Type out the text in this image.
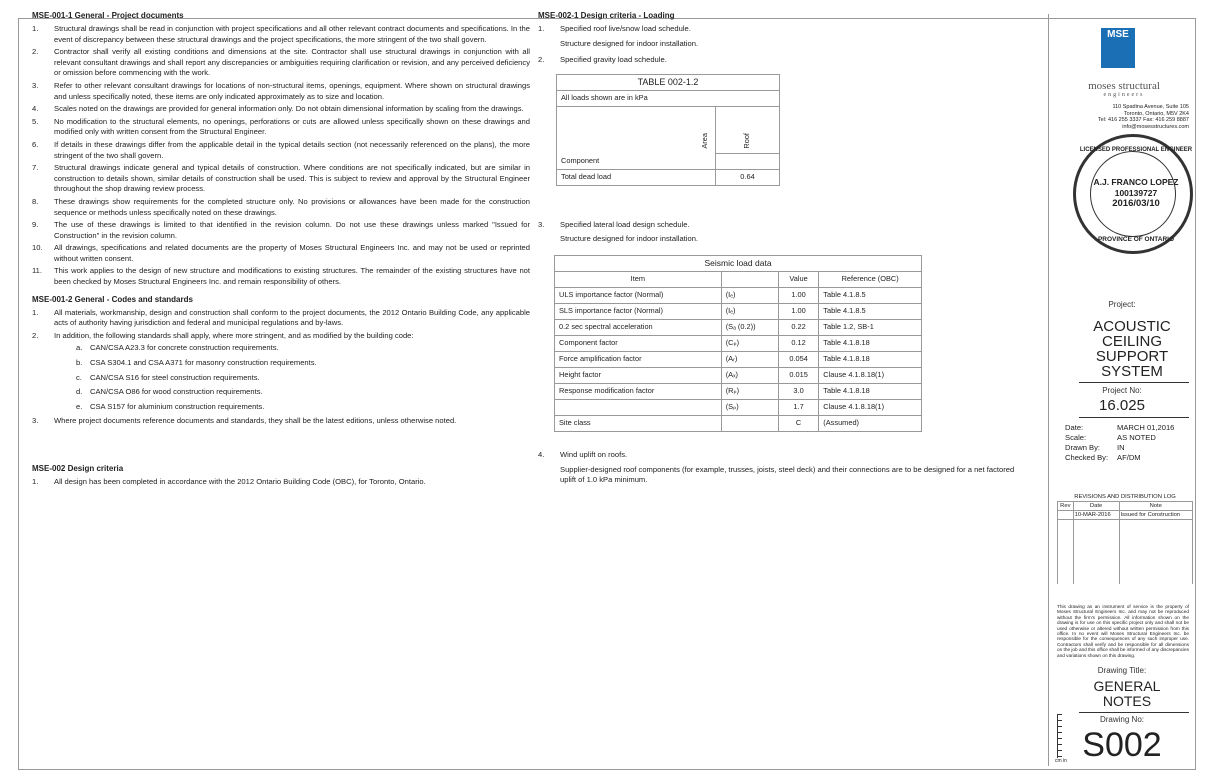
MSE-001-1 General - Project documents
1. Structural drawings shall be read in conjunction with project specifications and all other relevant contract documents and specifications. In the event of discrepancy between these structural drawings and the project specifications, the more stringent of the two shall govern.
2. Contractor shall verify all existing conditions and dimensions at the site. Contractor shall use structural drawings in conjunction with all relevant consultant drawings and shall report any discrepancies or ambiguities requiring clarification or revision, and any perceived deficiency or omission before commencing with the work.
3. Refer to other relevant consultant drawings for locations of non-structural items, openings, equipment. Where shown on structural drawings and unless specifically noted, these items are only indicated approximately as to size and location.
4. Scales noted on the drawings are provided for general information only. Do not obtain dimensional information by scaling from the drawings.
5. No modification to the structural elements, no openings, perforations or cuts are allowed unless specifically shown on these drawings and modified only with written consent from the Structural Engineer.
6. If details in these drawings differ from the applicable detail in the typical details section (not necessarily referenced on the plans), the more stringent of the two shall govern.
7. Structural drawings indicate general and typical details of construction. Where conditions are not specifically indicated, but are similar in construction to details shown, similar details of construction shall be used. This is subject to review and approval by the Structural Engineer throughout the shop drawing review process.
8. These drawings show requirements for the completed structure only. No provisions or allowances have been made for the construction sequence or methods unless specifically noted on these drawings.
9. The use of these drawings is limited to that identified in the revision column. Do not use these drawings unless marked "Issued for Construction" in the revision column.
10. All drawings, specifications and related documents are the property of Moses Structural Engineers Inc. and may not be used or reprinted without written consent.
11. This work applies to the design of new structure and modifications to existing structures. The remainder of the existing structures have not been checked by Moses Structural Engineers Inc. and remain responsibility of others.
MSE-001-2 General - Codes and standards
1. All materials, workmanship, design and construction shall conform to the project documents, the 2012 Ontario Building Code, any applicable acts of authority having jurisdiction and federal and municipal regulations and by-laws.
2. In addition, the following standards shall apply, where more stringent, and as modified by the building code:
a. CAN/CSA A23.3 for concrete construction requirements.
b. CSA S304.1 and CSA A371 for masonry construction requirements.
c. CAN/CSA S16 for steel construction requirements.
d. CAN/CSA O86 for wood construction requirements.
e. CSA S157 for aluminium construction requirements.
3. Where project documents reference documents and standards, they shall be the latest editions, unless otherwise noted.
MSE-002 Design criteria
1. All design has been completed in accordance with the 2012 Ontario Building Code (OBC), for Toronto, Ontario.
MSE-002-1 Design criteria - Loading
1. Specified roof live/snow load schedule.
Structure designed for indoor installation.
2. Specified gravity load schedule.
TABLE 002-1.2	
All loads shown are in kPa	
Area	Roof
Component	
Total dead load	0.64
3. Specified lateral load design schedule.
Structure designed for indoor installation.
Seismic load data			
Item		Value	Reference (OBC)
ULS importance factor (Normal)	(Iₑ)	1.00	Table 4.1.8.5
SLS importance factor (Normal)	(Iₑ)	1.00	Table 4.1.8.5
0.2 sec spectral acceleration	(Sₐ (0.2))	0.22	Table 1.2, SB-1
Component factor	(Cₚ)	0.12	Table 4.1.8.18
Force amplification factor	(Aᵣ)	0.054	Table 4.1.8.18
Height factor	(Aₓ)	0.015	Clause 4.1.8.18(1)
Response modification factor	(Rₚ)	3.0	Table 4.1.8.18
	(Sₚ)	1.7	Clause 4.1.8.18(1)
Site class		C	(Assumed)
4. Wind uplift on roofs.
Supplier-designed roof components (for example, trusses, joists, steel deck) and their connections are to be designed for a net factored uplift of 1.0 kPa minimum.
MSE
moses structural
engineers
110 Spadina Avenue, Suite 105
Toronto, Ontario, M5V 2K4
Tel: 416 255 3337 Fax: 416 259 8887
info@mosesstructures.com
LICENSED PROFESSIONAL ENGINEER
A.J. FRANCO LOPEZ
100139727
2016/03/10
PROVINCE OF ONTARIO
Project:
ACOUSTIC CEILING SUPPORT SYSTEM
Project No:
16.025
Date:	MARCH 01,2016
Scale:	AS NOTED
Drawn By:	IN
Checked By:	AF/DM
REVISIONS AND DISTRIBUTION LOG
Rev	Date	Note
	10-MAR-2016	Issued for Construction

This drawing as an instrument of service is the property of Moses Structural Engineers Inc. and may not be reproduced without the firm's permission. All information shown on the drawing is for use on this specific project only and shall not be used otherwise or altered without written permission from this office. In no event will Moses Structural Engineers Inc. be responsible for the consequences of any such improper use. Contractors shall verify and be responsible for all dimensions on the job and this office shall be informed of any discrepancies and variations shown on this drawing.
Drawing Title:
GENERAL NOTES
Drawing No:
S002
cm in
